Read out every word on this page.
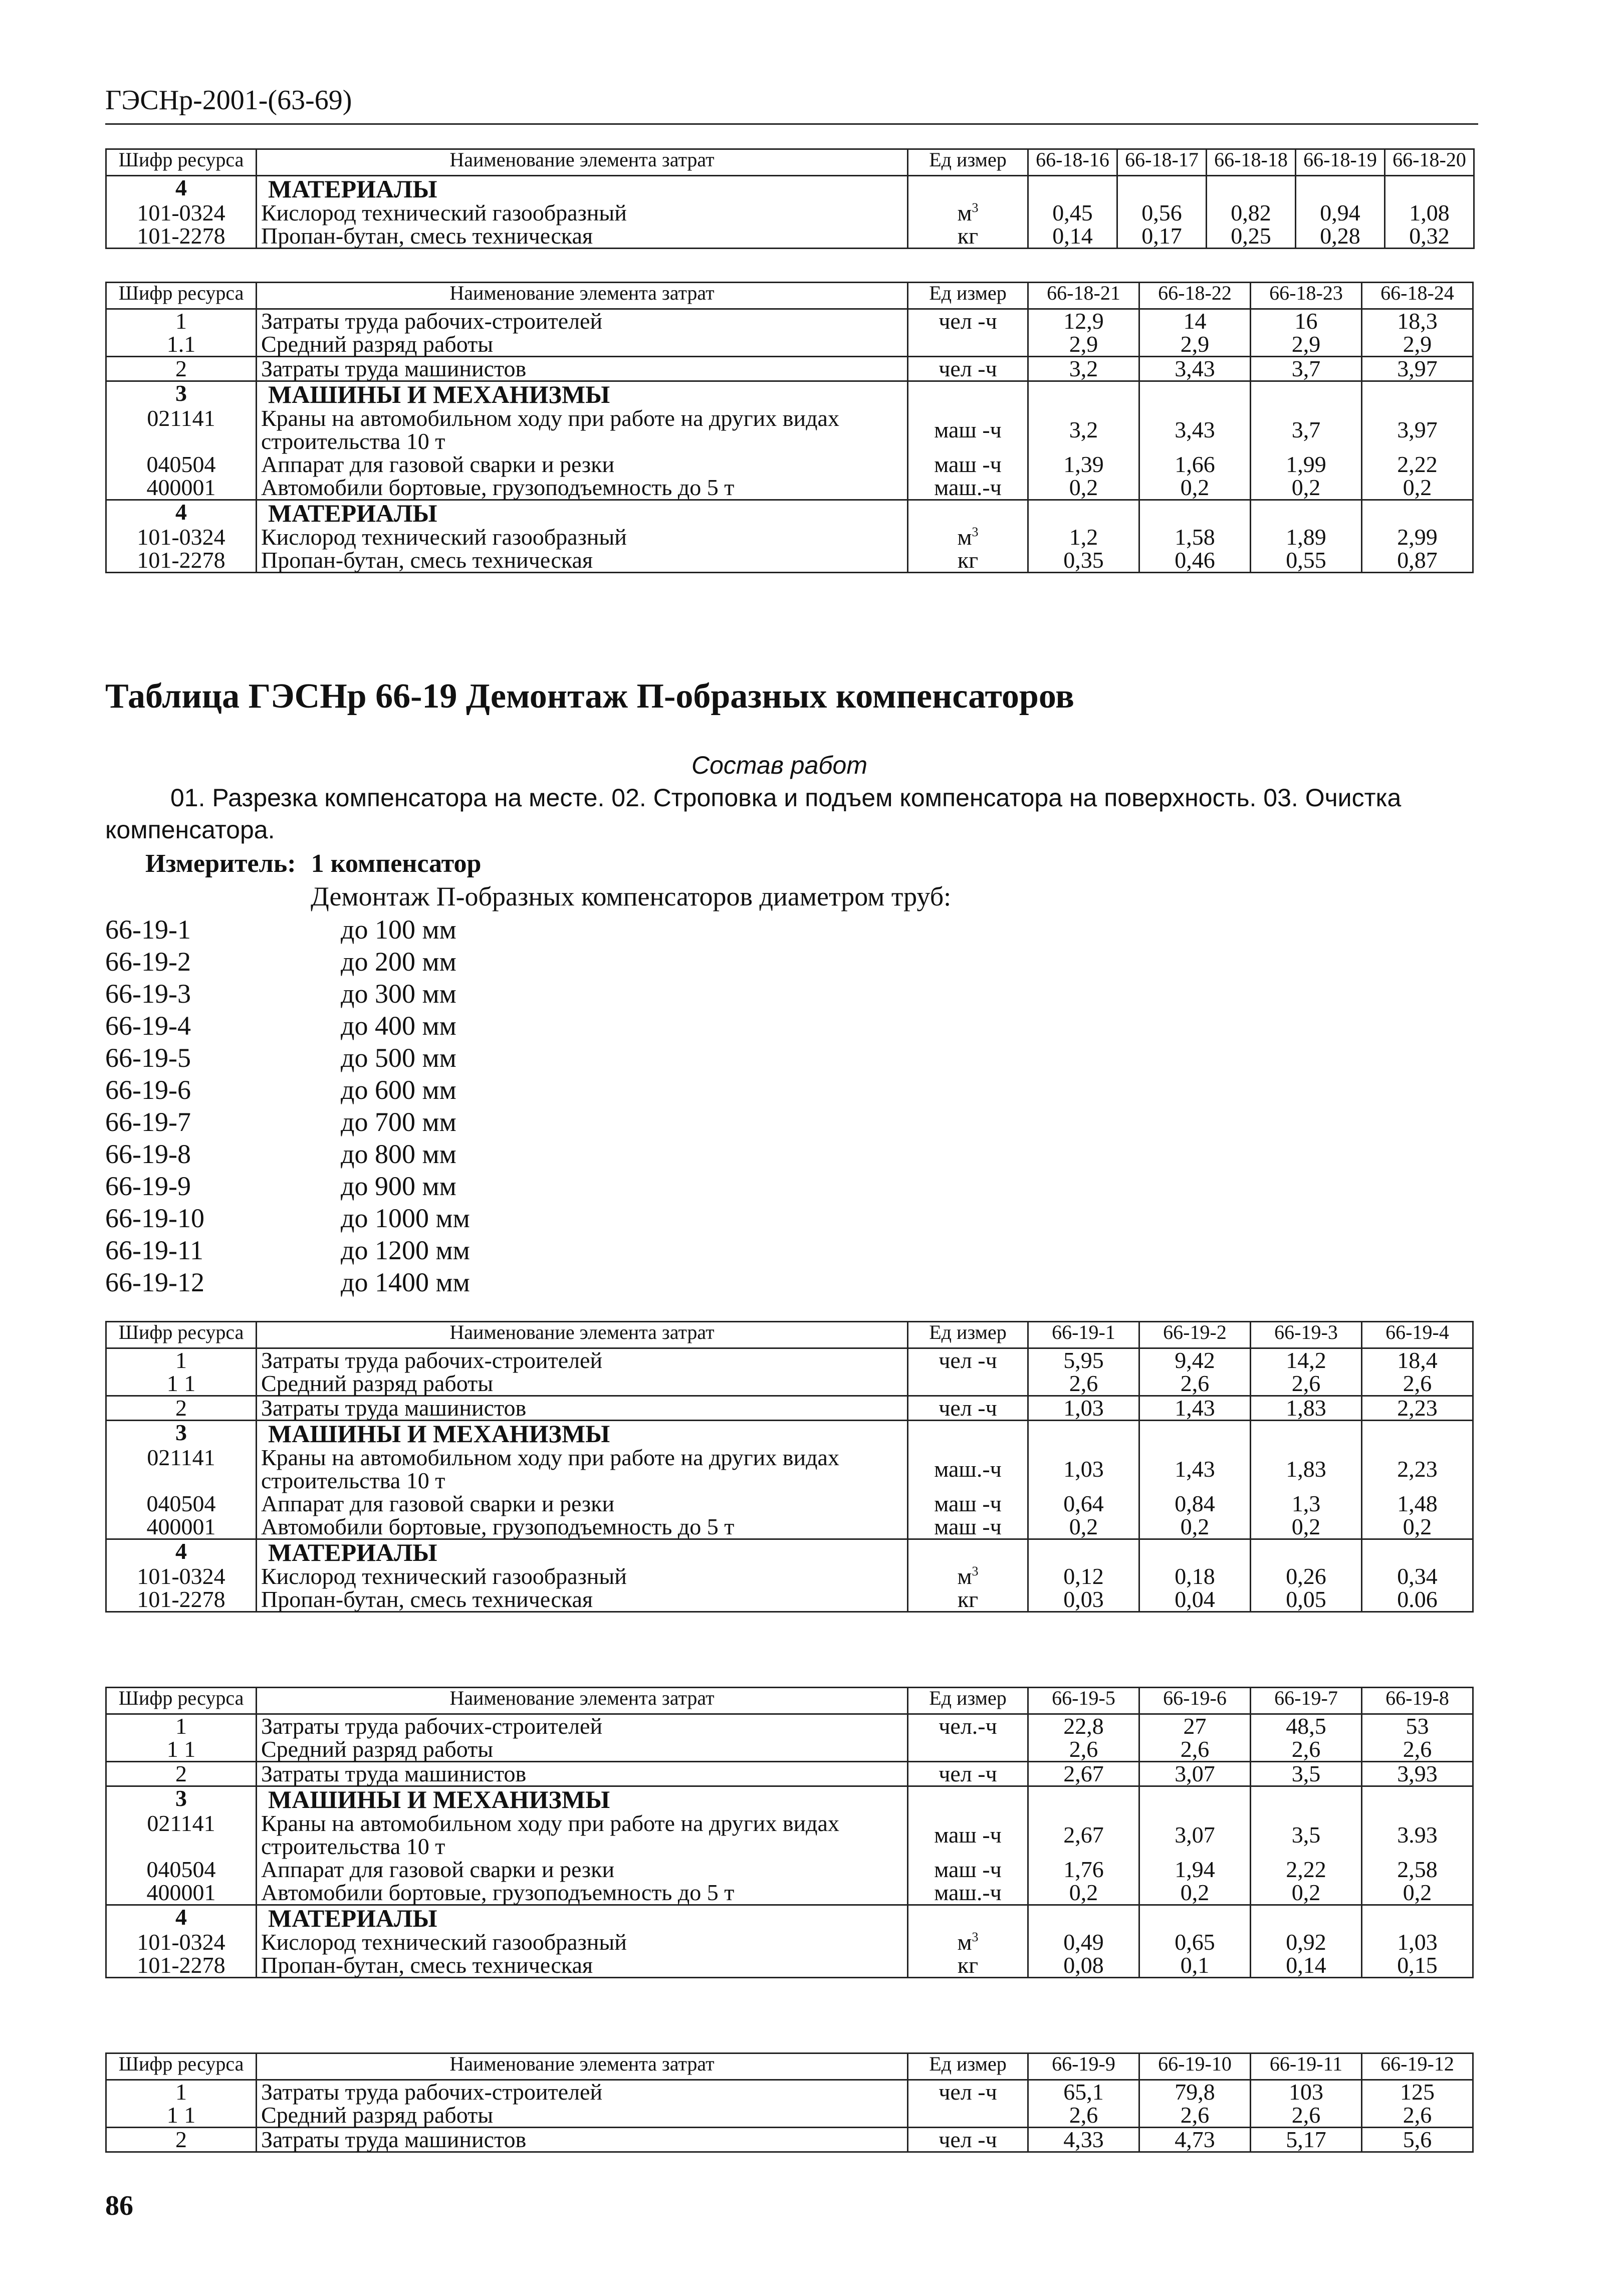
ГЭСНр-2001-(63-69)
Шифр ресурса	Наименование элемента затрат	Ед измер	66-18-16	66-18-17	66-18-18	66-18-19	66-18-20
4	МАТЕРИАЛЫ						
101-0324	Кислород технический газообразный	$м^3$	0,45	0,56	0,82	0,94	1,08
101-2278	Пропан-бутан, смесь техническая	кг	0,14	0,17	0,25	0,28	0,32
Шифр ресурса	Наименование элемента затрат	Ед измер	66-18-21	66-18-22	66-18-23	66-18-24
1	Затраты труда рабочих-строителей	чел -ч	12,9	14	16	18,3
1.1	Средний разряд работы		2,9	2,9	2,9	2,9
2	Затраты труда машинистов	чел -ч	3,2	3,43	3,7	3,97
3	МАШИНЫ И МЕХАНИЗМЫ					
021141	Краны на автомобильном ходу при работе на других видах
строительства 10 т	маш -ч	3,2	3,43	3,7	3,97
040504	Аппарат для газовой сварки и резки	маш -ч	1,39	1,66	1,99	2,22
400001	Автомобили бортовые, грузоподъемность до 5 т	маш.-ч	0,2	0,2	0,2	0,2
4	МАТЕРИАЛЫ					
101-0324	Кислород технический газообразный	$м^3$	1,2	1,58	1,89	2,99
101-2278	Пропан-бутан, смесь техническая	кг	0,35	0,46	0,55	0,87
Таблица ГЭСНр 66-19 Демонтаж П-образных компенсаторов
Состав работ
01. Разрезка компенсатора на месте. 02. Строповка и подъем компенсатора на поверхность. 03. Очистка компенсатора.
Измеритель: 1 компенсатор
Демонтаж П-образных компенсаторов диаметром труб:
66-19-1	до 100 мм
66-19-2	до 200 мм
66-19-3	до 300 мм
66-19-4	до 400 мм
66-19-5	до 500 мм
66-19-6	до 600 мм
66-19-7	до 700 мм
66-19-8	до 800 мм
66-19-9	до 900 мм
66-19-10	до 1000 мм
66-19-11	до 1200 мм
66-19-12	до 1400 мм
Шифр ресурса	Наименование элемента затрат	Ед измер	66-19-1	66-19-2	66-19-3	66-19-4
1	Затраты труда рабочих-строителей	чел -ч	5,95	9,42	14,2	18,4
1 1	Средний разряд работы		2,6	2,6	2,6	2,6
2	Затраты труда машинистов	чел -ч	1,03	1,43	1,83	2,23
3	МАШИНЫ И МЕХАНИЗМЫ					
021141	Краны на автомобильном ходу при работе на других видах
строительства 10 т	маш.-ч	1,03	1,43	1,83	2,23
040504	Аппарат для газовой сварки и резки	маш -ч	0,64	0,84	1,3	1,48
400001	Автомобили бортовые, грузоподъемность до 5 т	маш -ч	0,2	0,2	0,2	0,2
4	МАТЕРИАЛЫ					
101-0324	Кислород технический газообразный	$м^3$	0,12	0,18	0,26	0,34
101-2278	Пропан-бутан, смесь техническая	кг	0,03	0,04	0,05	0.06
Шифр ресурса	Наименование элемента затрат	Ед измер	66-19-5	66-19-6	66-19-7	66-19-8
1	Затраты труда рабочих-строителей	чел.-ч	22,8	27	48,5	53
1 1	Средний разряд работы		2,6	2,6	2,6	2,6
2	Затраты труда машинистов	чел -ч	2,67	3,07	3,5	3,93
3	МАШИНЫ И МЕХАНИЗМЫ					
021141	Краны на автомобильном ходу при работе на других видах
строительства 10 т	маш -ч	2,67	3,07	3,5	3.93
040504	Аппарат для газовой сварки и резки	маш -ч	1,76	1,94	2,22	2,58
400001	Автомобили бортовые, грузоподъемность до 5 т	маш.-ч	0,2	0,2	0,2	0,2
4	МАТЕРИАЛЫ					
101-0324	Кислород технический газообразный	$м^3$	0,49	0,65	0,92	1,03
101-2278	Пропан-бутан, смесь техническая	кг	0,08	0,1	0,14	0,15
Шифр ресурса	Наименование элемента затрат	Ед измер	66-19-9	66-19-10	66-19-11	66-19-12
1	Затраты труда рабочих-строителей	чел -ч	65,1	79,8	103	125
1 1	Средний разряд работы		2,6	2,6	2,6	2,6
2	Затраты труда машинистов	чел -ч	4,33	4,73	5,17	5,6
86
